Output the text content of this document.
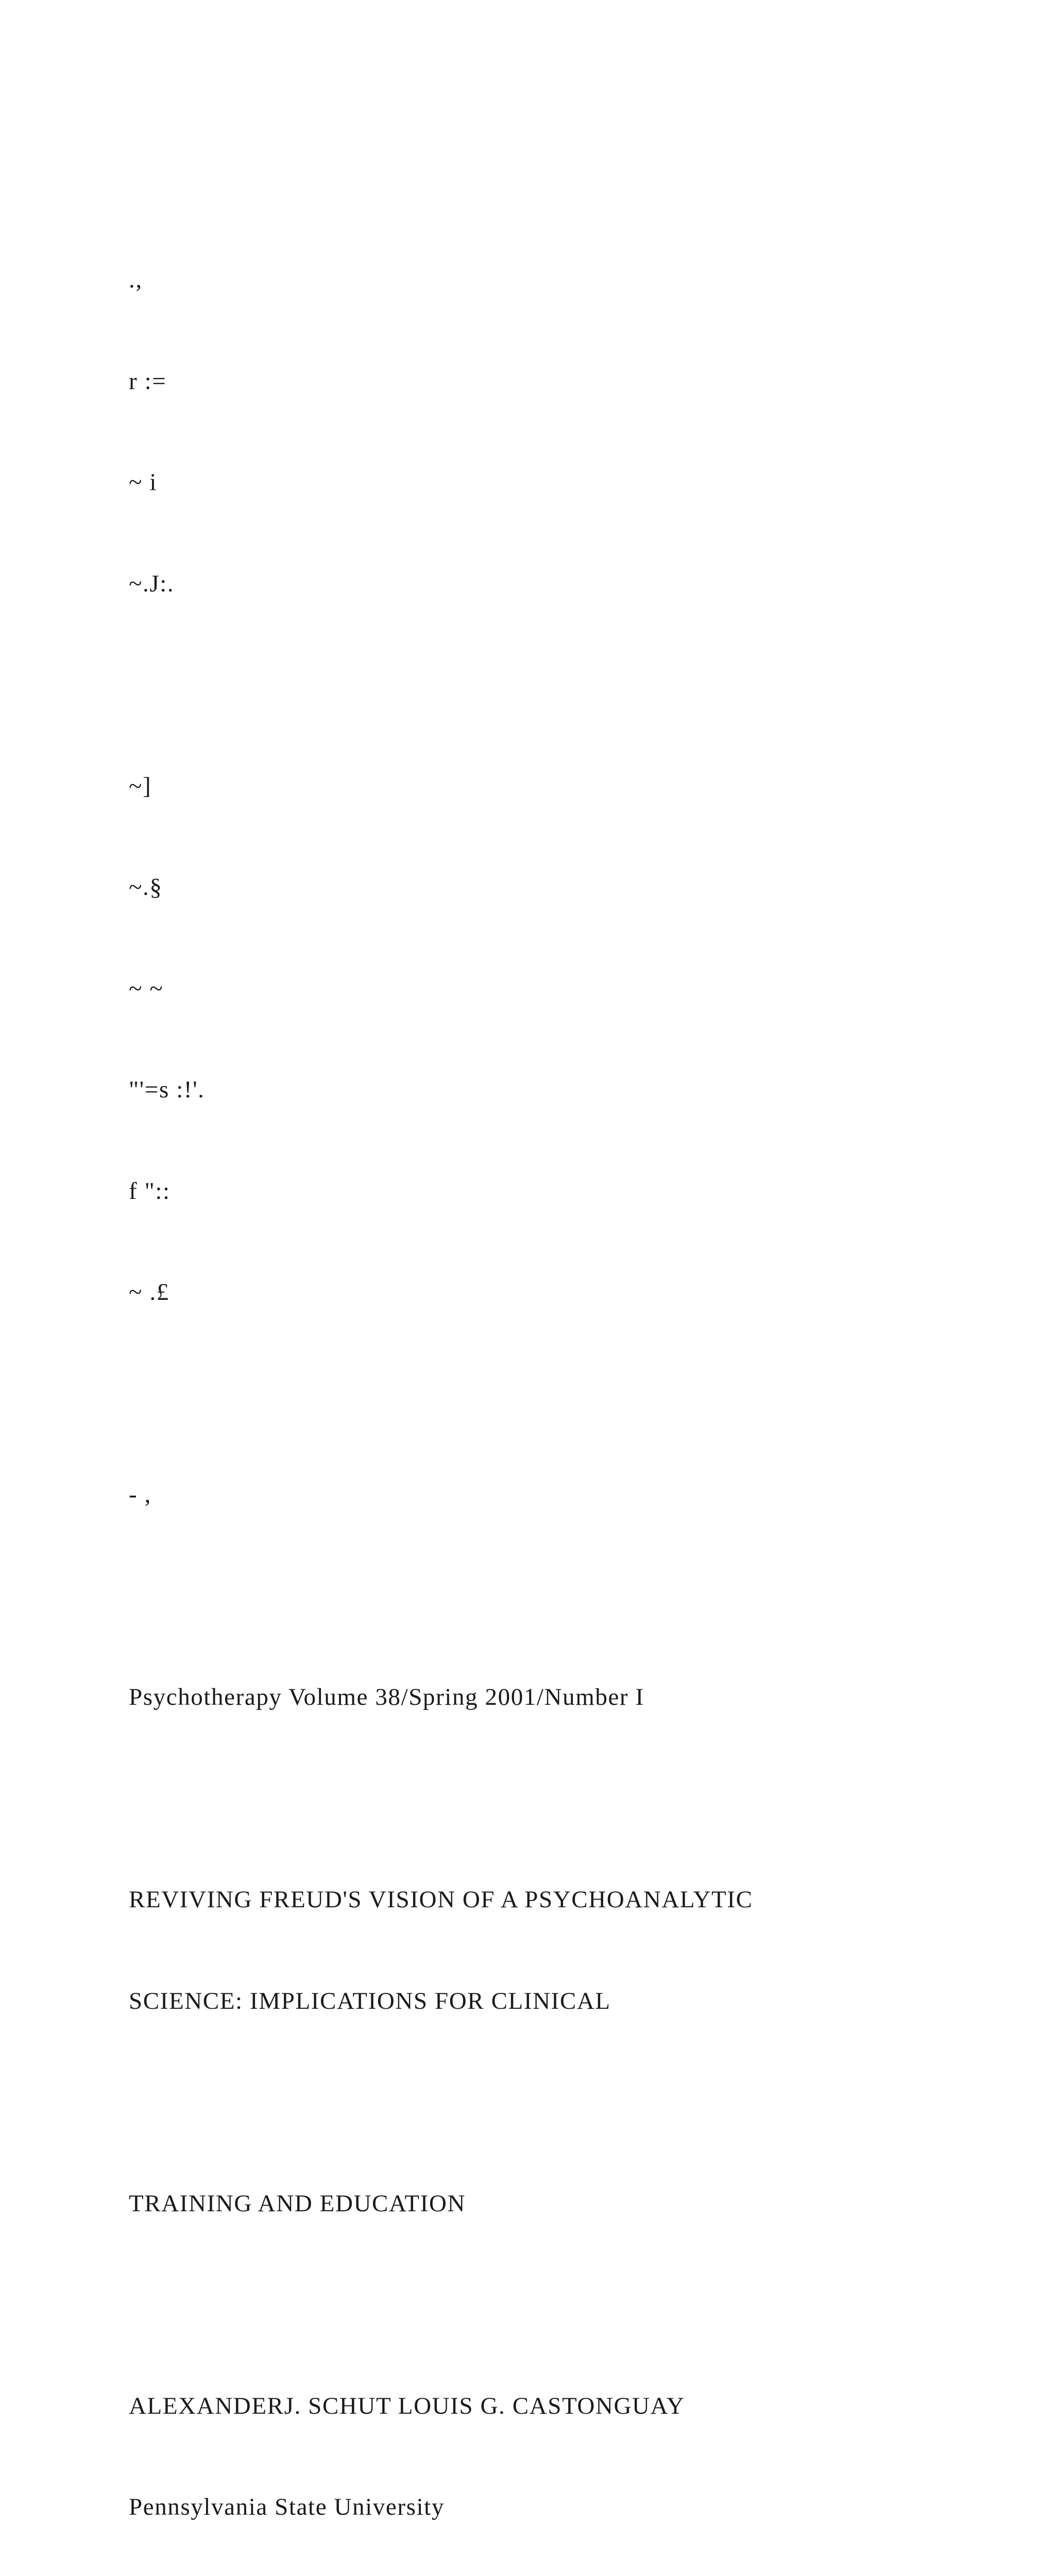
.,

r :=

~ i

~.J:.

~]

~.§

~ ~

"'=s :!'.

f "::

~ .£

- ,

Psychotherapy Volume 38/Spring 2001/Number I

REVIVING FREUD'S VISION OF A PSYCHOANALYTIC

SCIENCE: IMPLICATIONS FOR CLINICAL

TRAINING AND EDUCATION

ALEXANDERJ. SCHUT LOUIS G. CASTONGUAY

Pennsylvania State University
